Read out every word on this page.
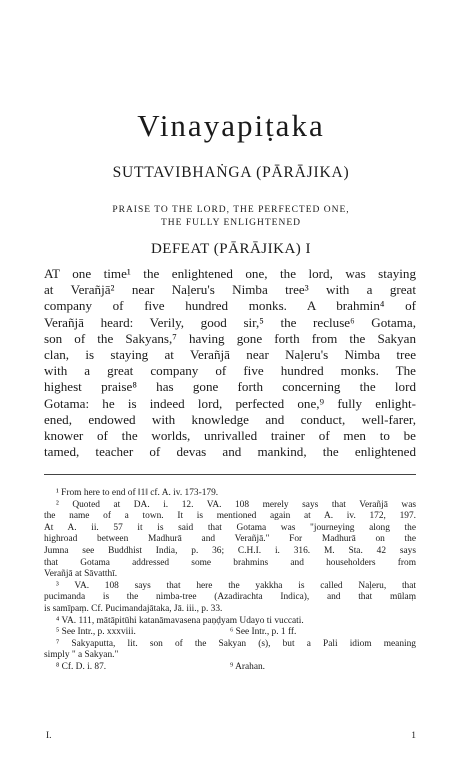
Vinayapiṭaka
SUTTAVIBHAṄGA (PĀRĀJIKA)
PRAISE TO THE LORD, THE PERFECTED ONE,
THE FULLY ENLIGHTENED
DEFEAT (PĀRĀJIKA) I
AT one time¹ the enlightened one, the lord, was staying
at Verañjā² near Naḷeru's Nimba tree³ with a great
company of five hundred monks. A brahmin⁴ of
Verañjā heard: Verily, good sir,⁵ the recluse⁶ Gotama,
son of the Sakyans,⁷ having gone forth from the Sakyan
clan, is staying at Verañjā near Naḷeru's Nimba tree
with a great company of five hundred monks. The
highest praise⁸ has gone forth concerning the lord
Gotama: he is indeed lord, perfected one,⁹ fully enlight-
ened, endowed with knowledge and conduct, well-farer,
knower of the worlds, unrivalled trainer of men to be
tamed, teacher of devas and mankind, the enlightened
¹ From here to end of ‖1‖ cf. A. iv. 173-179.
² Quoted at DA. i. 12. VA. 108 merely says that Verañjā was
the name of a town. It is mentioned again at A. iv. 172, 197.
At A. ii. 57 it is said that Gotama was "journeying along the
highroad between Madhurā and Verañjā." For Madhurā on the
Jumna see Buddhist India, p. 36; C.H.I. i. 316. M. Sta. 42 says
that Gotama addressed some brahmins and householders from
Verañjā at Sāvatthī.
³ VA. 108 says that here the yakkha is called Naḷeru, that
pucimanda is the nimba-tree (Azadirachta Indica), and that mūlaṃ
is samīpaṃ. Cf. Pucimandajātaka, Jā. iii., p. 33.
⁴ VA. 111, mātāpitūhi katanāmavasena paṇḍyam Udayo ti vuccati.
⁵ See Intr., p. xxxviii.	⁶ See Intr., p. 1 ff.
⁷ Sakyaputta, lit. son of the Sakyan (s), but a Pali idiom meaning
simply " a Sakyan."
⁸ Cf. D. i. 87.	⁹ Arahan.
I.	1
